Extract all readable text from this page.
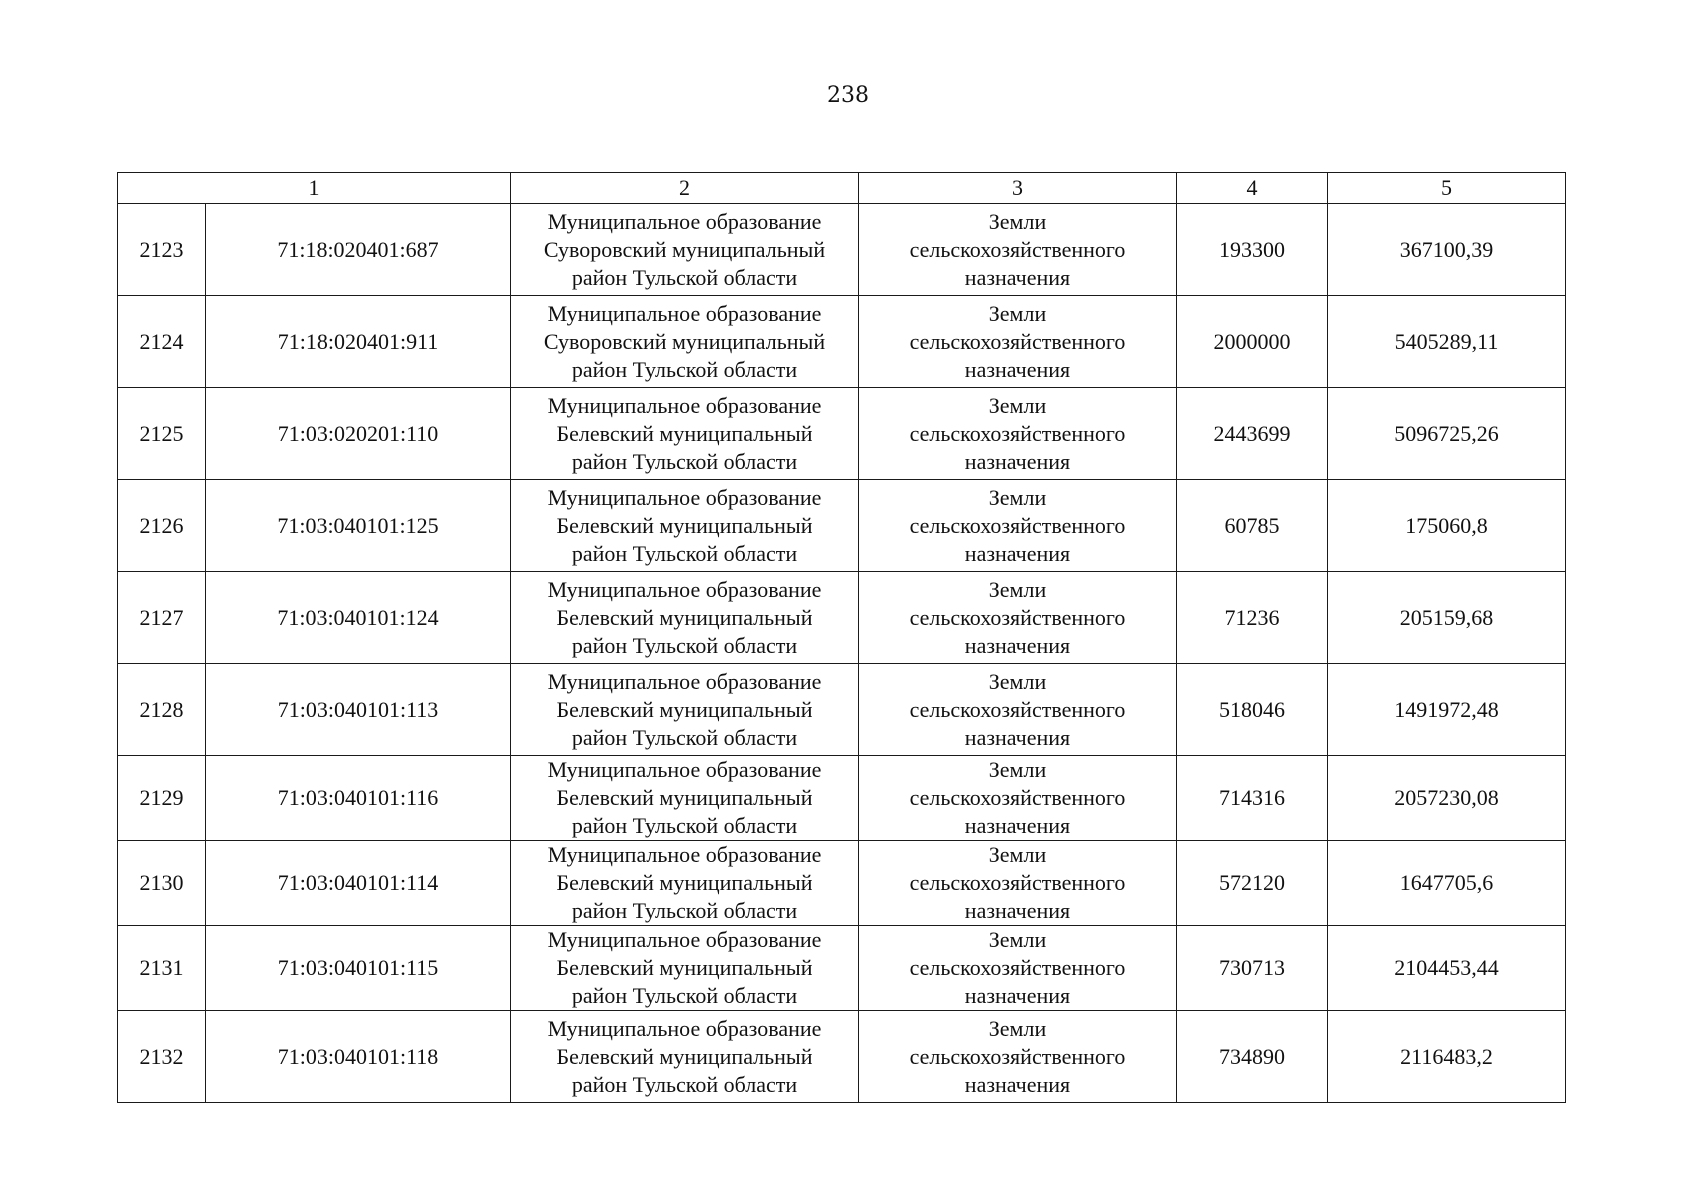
238
1		2	3	4	5
2123	71:18:020401:687	Муниципальное образование
Суворовский муниципальный
район Тульской области	Земли
сельскохозяйственного
назначения	193300	367100,39
2124	71:18:020401:911	Муниципальное образование
Суворовский муниципальный
район Тульской области	Земли
сельскохозяйственного
назначения	2000000	5405289,11
2125	71:03:020201:110	Муниципальное образование
Белевский муниципальный
район Тульской области	Земли
сельскохозяйственного
назначения	2443699	5096725,26
2126	71:03:040101:125	Муниципальное образование
Белевский муниципальный
район Тульской области	Земли
сельскохозяйственного
назначения	60785	175060,8
2127	71:03:040101:124	Муниципальное образование
Белевский муниципальный
район Тульской области	Земли
сельскохозяйственного
назначения	71236	205159,68
2128	71:03:040101:113	Муниципальное образование
Белевский муниципальный
район Тульской области	Земли
сельскохозяйственного
назначения	518046	1491972,48
2129	71:03:040101:116	Муниципальное образование
Белевский муниципальный
район Тульской области	Земли
сельскохозяйственного
назначения	714316	2057230,08
2130	71:03:040101:114	Муниципальное образование
Белевский муниципальный
район Тульской области	Земли
сельскохозяйственного
назначения	572120	1647705,6
2131	71:03:040101:115	Муниципальное образование
Белевский муниципальный
район Тульской области	Земли
сельскохозяйственного
назначения	730713	2104453,44
2132	71:03:040101:118	Муниципальное образование
Белевский муниципальный
район Тульской области	Земли
сельскохозяйственного
назначения	734890	2116483,2
